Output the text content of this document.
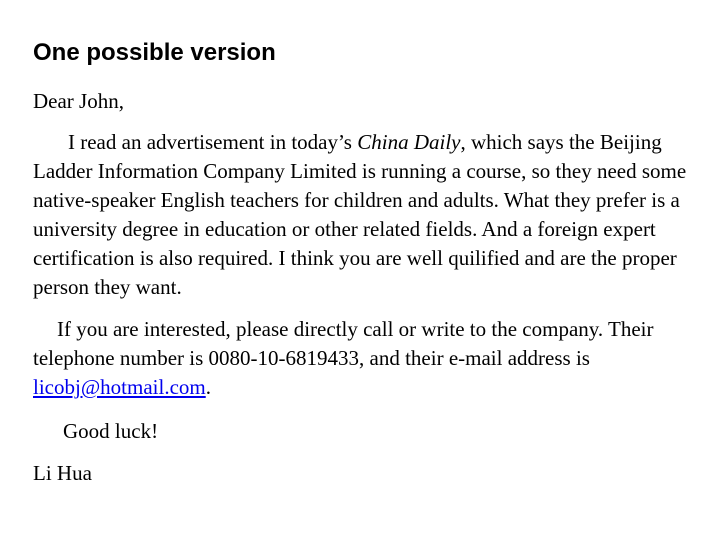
One possible version
Dear John,
I read an advertisement in today’s China Daily, which says the Beijing Ladder Information Company Limited is running a course, so they need some native-speaker English teachers for children and adults. What they prefer is a university degree in education or other related fields. And a foreign expert certification is also required. I think you are well quilified and are the proper person they want.
If you are interested, please directly call or write to the company. Their telephone number is 0080-10-6819433, and their e-mail address is licobj@hotmail.com.
Good luck!
Li Hua
